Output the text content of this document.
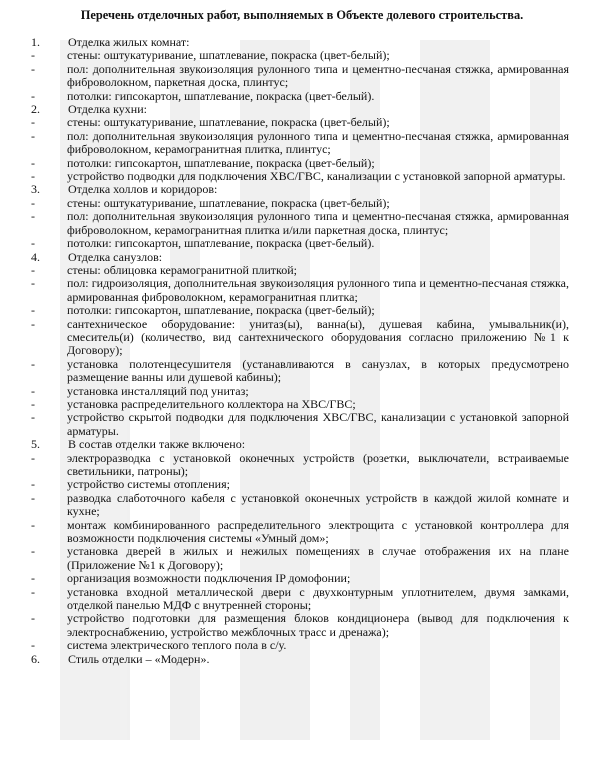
Перечень отделочных работ, выполняемых в Объекте долевого строительства.
1.	Отделка жилых комнат:
-	стены: оштукатуривание, шпатлевание, покраска (цвет-белый);
-	пол: дополнительная звукоизоляция рулонного типа и цементно-песчаная стяжка, армированная фиброволокном, паркетная доска, плинтус;
-	потолки: гипсокартон, шпатлевание, покраска (цвет-белый).
2.	Отделка кухни:
-	стены: оштукатуривание, шпатлевание, покраска (цвет-белый);
-	пол: дополнительная звукоизоляция рулонного типа и цементно-песчаная стяжка, армированная фиброволокном, керамогранитная плитка, плинтус;
-	потолки: гипсокартон, шпатлевание, покраска (цвет-белый);
-	устройство подводки для подключения ХВС/ГВС, канализации с установкой запорной арматуры.
3.	Отделка холлов и коридоров:
-	стены: оштукатуривание, шпатлевание, покраска (цвет-белый);
-	пол: дополнительная звукоизоляция рулонного типа и цементно-песчаная стяжка, армированная фиброволокном, керамогранитная плитка и/или паркетная доска, плинтус;
-	потолки: гипсокартон, шпатлевание, покраска (цвет-белый).
4.	Отделка санузлов:
-	стены: облицовка керамогранитной плиткой;
-	пол: гидроизоляция, дополнительная звукоизоляция рулонного типа и цементно-песчаная стяжка, армированная фиброволокном, керамогранитная плитка;
-	потолки: гипсокартон, шпатлевание, покраска (цвет-белый);
-	сантехническое оборудование: унитаз(ы), ванна(ы), душевая кабина, умывальник(и), смеситель(и) (количество, вид сантехнического оборудования согласно приложению №1 к Договору);
-	установка полотенцесушителя (устанавливаются в санузлах, в которых предусмотрено размещение ванны или душевой кабины);
-	установка инсталляций под унитаз;
-	установка распределительного коллектора на ХВС/ГВС;
-	устройство скрытой подводки для подключения ХВС/ГВС, канализации с установкой запорной арматуры.
5.	В состав отделки также включено:
-	электроразводка с установкой оконечных устройств (розетки, выключатели, встраиваемые светильники, патроны);
-	устройство системы отопления;
-	разводка слаботочного кабеля с установкой оконечных устройств в каждой жилой комнате и кухне;
-	монтаж комбинированного распределительного электрощита с установкой контроллера для возможности подключения системы «Умный дом»;
-	установка дверей в жилых и нежилых помещениях в случае отображения их на плане (Приложение №1 к Договору);
-	организация возможности подключения IP домофонии;
-	установка входной металлической двери с двухконтурным уплотнителем, двумя замками, отделкой панелью МДФ с внутренней стороны;
-	устройство подготовки для размещения блоков кондиционера (вывод для подключения к электроснабжению, устройство межблочных трасс и дренажа);
-	система электрического теплого пола в с/у.
6.	Стиль отделки – «Модерн».
